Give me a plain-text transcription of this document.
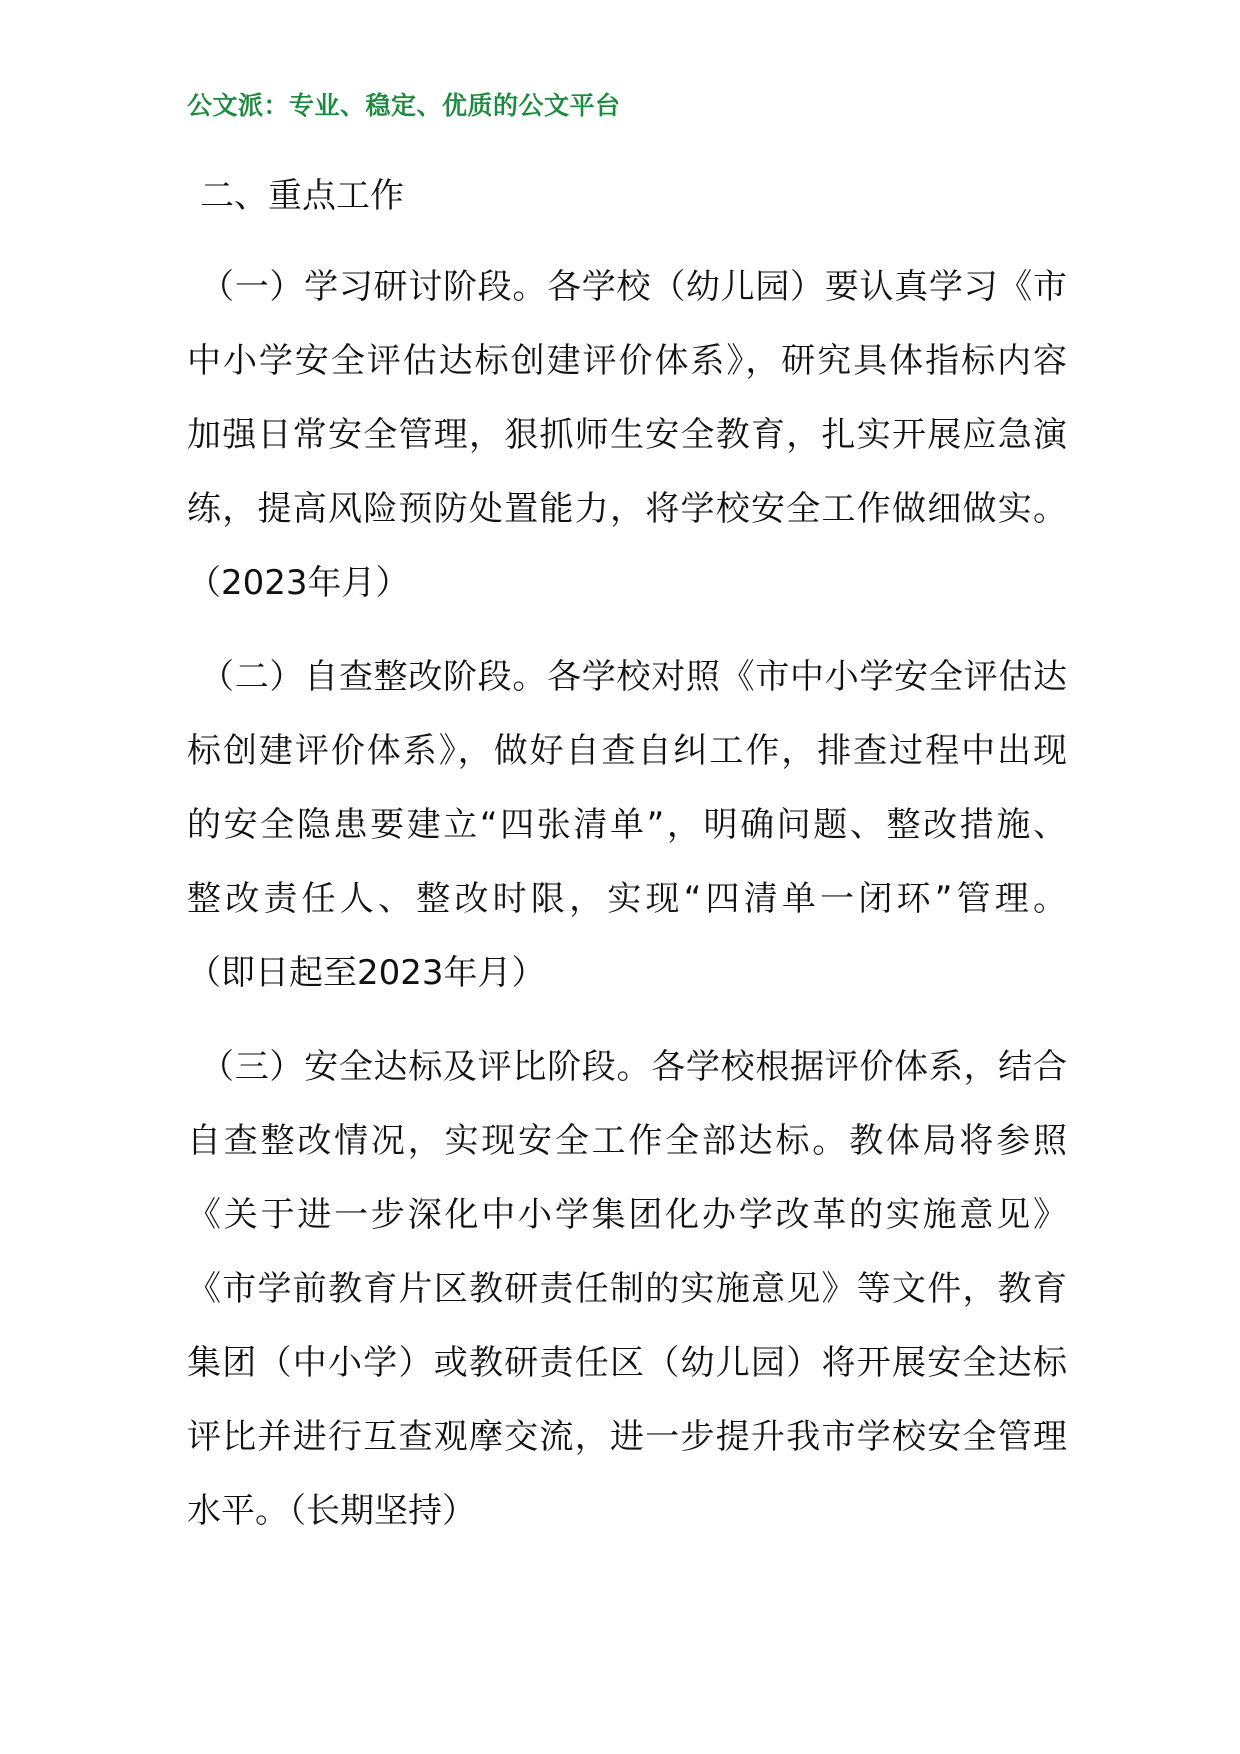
公文派：专业、稳定、优质的公文平台
二、重点工作
（一）学习研讨阶段。各学校（幼儿园）要认真学习《市
中小学安全评估达标创建评价体系》，研究具体指标内容
加强日常安全管理，狠抓师生安全教育，扎实开展应急演
练，提高风险预防处置能力，将学校安全工作做细做实。
（2023年月）
（二）自查整改阶段。各学校对照《市中小学安全评估达
标创建评价体系》，做好自查自纠工作，排查过程中出现
的安全隐患要建立“四张清单”，明确问题、整改措施、
整改责任人、整改时限，实现“四清单一闭环”管理。
（即日起至2023年月）
（三）安全达标及评比阶段。各学校根据评价体系，结合
自查整改情况，实现安全工作全部达标。教体局将参照
《关于进一步深化中小学集团化办学改革的实施意见》
《市学前教育片区教研责任制的实施意见》等文件，教育
集团（中小学）或教研责任区（幼儿园）将开展安全达标
评比并进行互查观摩交流，进一步提升我市学校安全管理
水平。（长期坚持）
